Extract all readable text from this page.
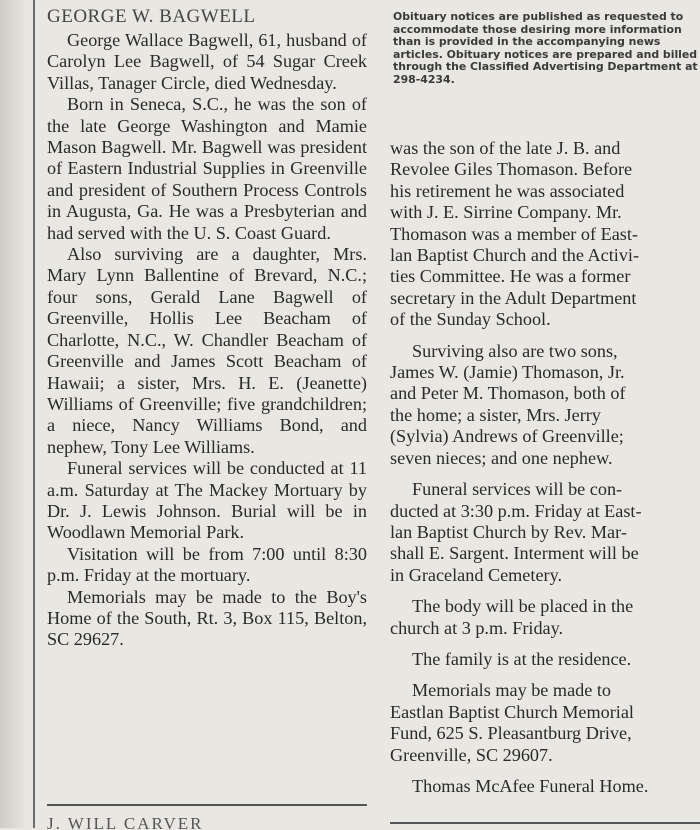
GEORGE W. BAGWELL

George Wallace Bagwell, 61, husband of Carolyn Lee Bagwell, of 54 Sugar Creek Villas, Tanager Circle, died Wednesday.

Born in Seneca, S.C., he was the son of the late George Washington and Mamie Mason Bagwell. Mr. Bagwell was president of Eastern Industrial Supplies in Greenville and president of Southern Process Controls in Augusta, Ga. He was a Presbyterian and had served with the U. S. Coast Guard.

Also surviving are a daughter, Mrs. Mary Lynn Ballentine of Brevard, N.C.; four sons, Gerald Lane Bagwell of Greenville, Hollis Lee Beacham of Charlotte, N.C., W. Chandler Beacham of Greenville and James Scott Beacham of Hawaii; a sister, Mrs. H. E. (Jeanette) Williams of Greenville; five grandchildren; a niece, Nancy Williams Bond, and nephew, Tony Lee Williams.

Funeral services will be conducted at 11 a.m. Saturday at The Mackey Mortuary by Dr. J. Lewis Johnson. Burial will be in Woodlawn Memorial Park.

Visitation will be from 7:00 until 8:30 p.m. Friday at the mortuary.

Memorials may be made to the Boy's Home of the South, Rt. 3, Box 115, Belton, SC 29627.

J. WILL CARVER
Obituary notices are published as requested to accommodate those desiring more information than is provided in the accompanying news articles. Obituary notices are prepared and billed through the Classified Advertising Department at 298-4234.

was the son of the late J. B. and
Revolee Giles Thomason. Before
his retirement he was associated
with J. E. Sirrine Company. Mr.
Thomason was a member of East-
lan Baptist Church and the Activi-
ties Committee. He was a former
secretary in the Adult Department
of the Sunday School.

Surviving also are two sons,
James W. (Jamie) Thomason, Jr.
and Peter M. Thomason, both of
the home; a sister, Mrs. Jerry
(Sylvia) Andrews of Greenville;
seven nieces; and one nephew.

Funeral services will be con-
ducted at 3:30 p.m. Friday at East-
lan Baptist Church by Rev. Mar-
shall E. Sargent. Interment will be
in Graceland Cemetery.

The body will be placed in the
church at 3 p.m. Friday.

The family is at the residence.

Memorials may be made to
Eastlan Baptist Church Memorial
Fund, 625 S. Pleasantburg Drive,
Greenville, SC 29607.

Thomas McAfee Funeral Home.
